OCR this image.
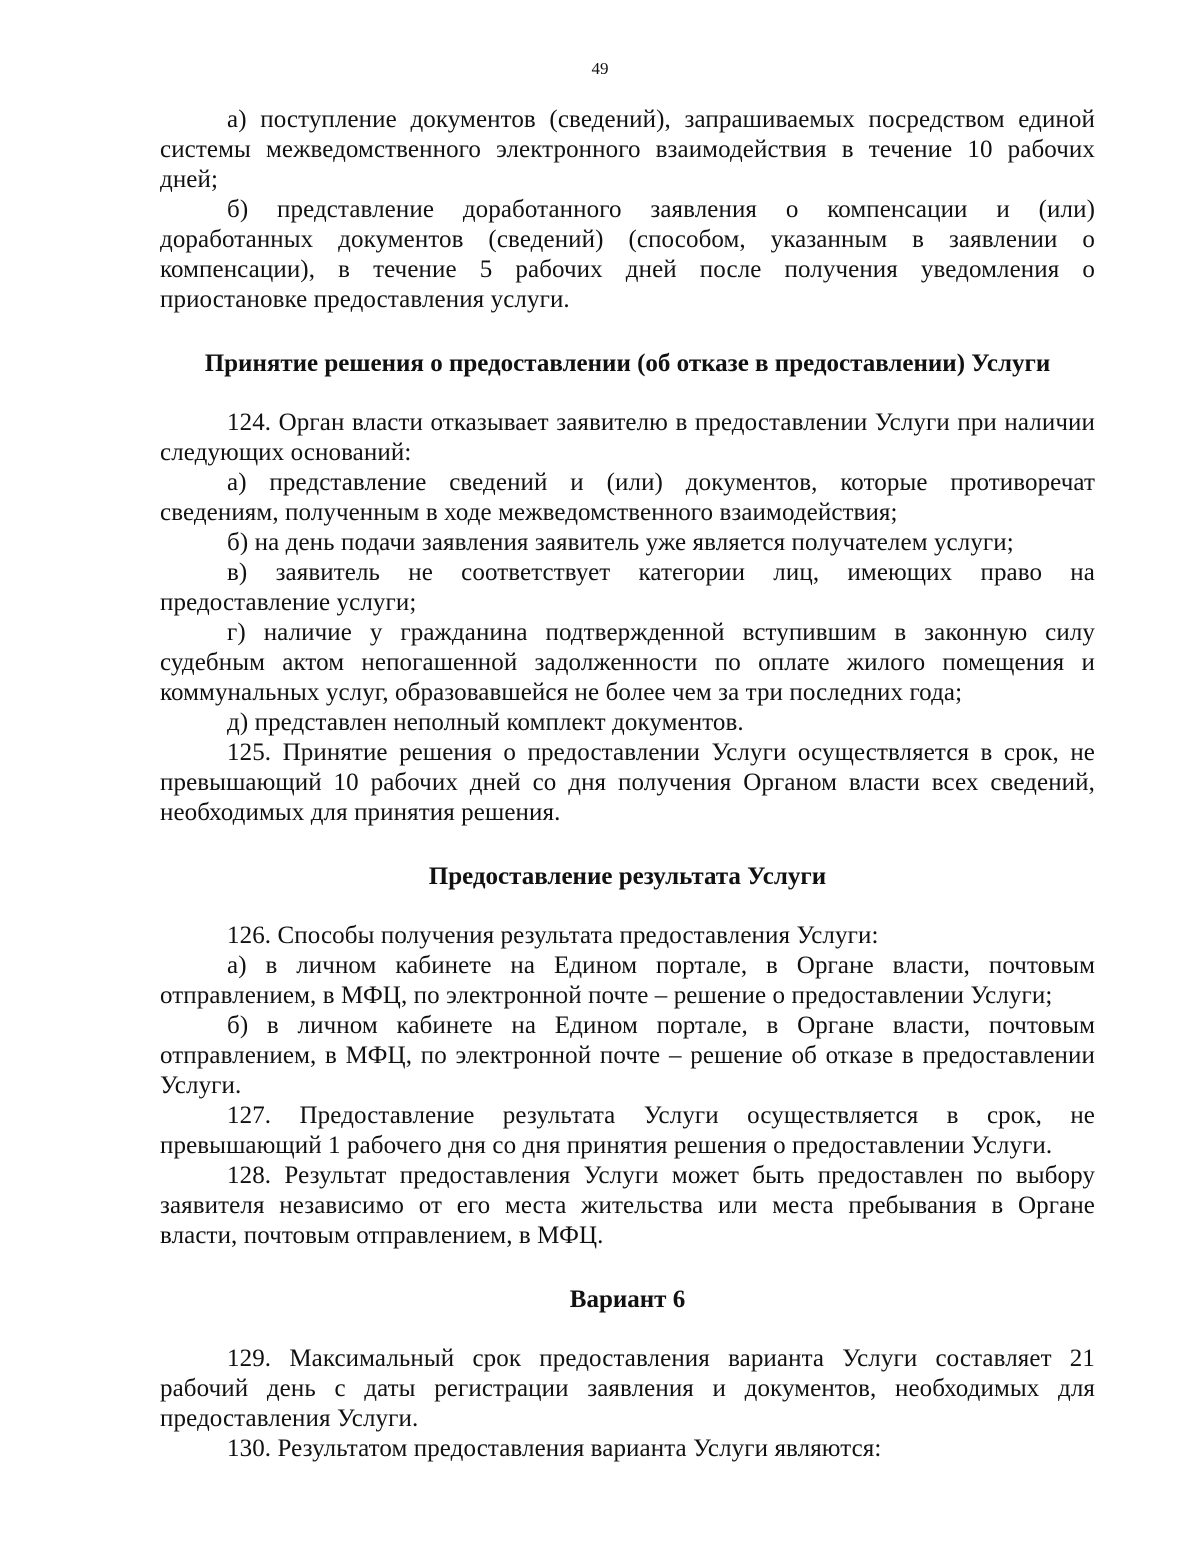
49

а) поступление документов (сведений), запрашиваемых посредством единой системы межведомственного электронного взаимодействия в течение 10 рабочих дней;

б) представление доработанного заявления о компенсации и (или) доработанных документов (сведений) (способом, указанным в заявлении о компенсации), в течение 5 рабочих дней после получения уведомления о приостановке предоставления услуги.

Принятие решения о предоставлении (об отказе в предоставлении) Услуги

124. Орган власти отказывает заявителю в предоставлении Услуги при наличии следующих оснований:

а) представление сведений и (или) документов, которые противоречат сведениям, полученным в ходе межведомственного взаимодействия;

б) на день подачи заявления заявитель уже является получателем услуги;

в) заявитель не соответствует категории лиц, имеющих право на предоставление услуги;

г) наличие у гражданина подтвержденной вступившим в законную силу судебным актом непогашенной задолженности по оплате жилого помещения и коммунальных услуг, образовавшейся не более чем за три последних года;

д) представлен неполный комплект документов.

125. Принятие решения о предоставлении Услуги осуществляется в срок, не превышающий 10 рабочих дней со дня получения Органом власти всех сведений, необходимых для принятия решения.

Предоставление результата Услуги

126. Способы получения результата предоставления Услуги:

а) в личном кабинете на Едином портале, в Органе власти, почтовым отправлением, в МФЦ, по электронной почте – решение о предоставлении Услуги;

б) в личном кабинете на Едином портале, в Органе власти, почтовым отправлением, в МФЦ, по электронной почте – решение об отказе в предоставлении Услуги.

127. Предоставление результата Услуги осуществляется в срок, не превышающий 1 рабочего дня со дня принятия решения о предоставлении Услуги.

128. Результат предоставления Услуги может быть предоставлен по выбору заявителя независимо от его места жительства или места пребывания в Органе власти, почтовым отправлением, в МФЦ.

Вариант 6

129. Максимальный срок предоставления варианта Услуги составляет 21 рабочий день с даты регистрации заявления и документов, необходимых для предоставления Услуги.

130. Результатом предоставления варианта Услуги являются:
